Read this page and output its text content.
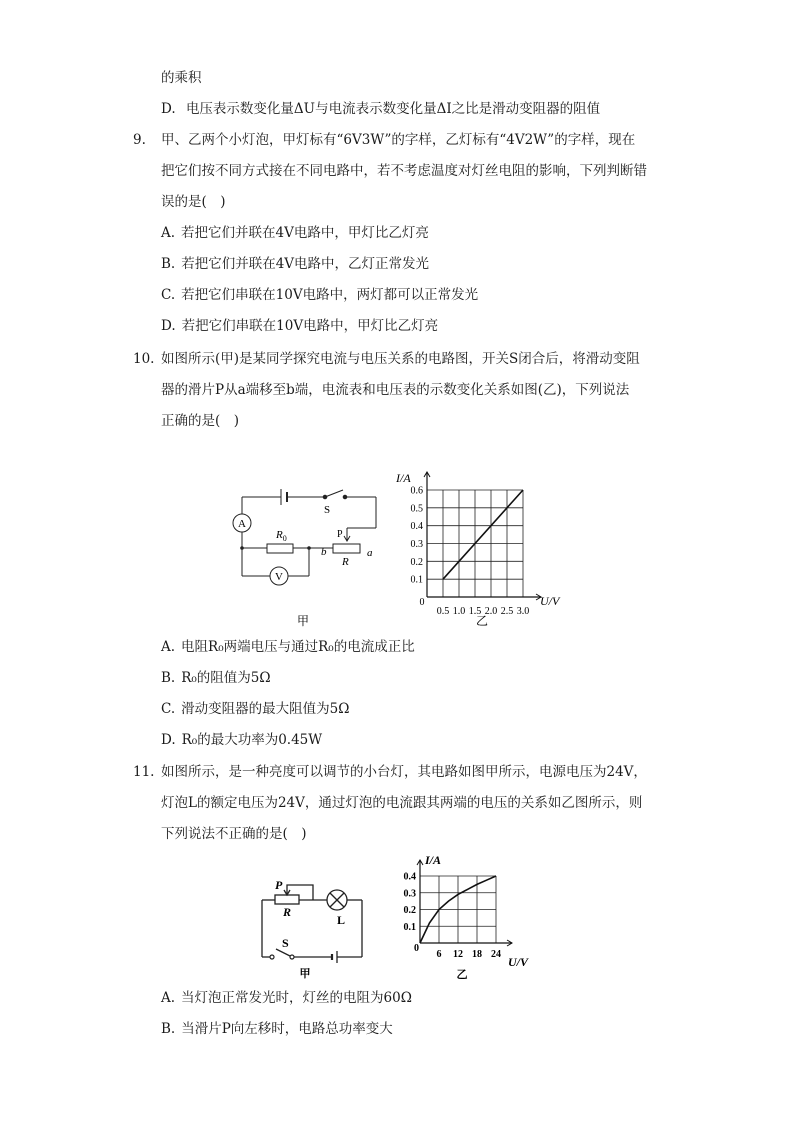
的乘积
D. 电压表示数变化量ΔU与电流表示数变化量ΔI之比是滑动变阻器的阻值
9. 甲、乙两个小灯泡，甲灯标有“6V3W”的字样，乙灯标有“4V2W”的字样，现在
把它们按不同方式接在不同电路中，若不考虑温度对灯丝电阻的影响，下列判断错
误的是(　)
A. 若把它们并联在4V电路中，甲灯比乙灯亮
B. 若把它们并联在4V电路中，乙灯正常发光
C. 若把它们串联在10V电路中，两灯都可以正常发光
D. 若把它们串联在10V电路中，甲灯比乙灯亮
10. 如图所示(甲)是某同学探究电流与电压关系的电路图，开关S闭合后，将滑动变阻
器的滑片P从a端移至b端，电流表和电压表的示数变化关系如图(乙)，下列说法
正确的是(　)
A
V
$R_0$
R
P
S
a
b
甲
0.5 1.0 1.5 2.0 2.5 3.0
0.1
0.2
0.3
0.4
0.5
0.6
I/A
U/V
0
乙
A. 电阻R₀两端电压与通过R₀的电流成正比
B. R₀的阻值为5Ω
C. 滑动变阻器的最大阻值为5Ω
D. R₀的最大功率为0.45W
11. 如图所示，是一种亮度可以调节的小台灯，其电路如图甲所示，电源电压为24V，
灯泡L的额定电压为24V，通过灯泡的电流跟其两端的电压的关系如乙图所示，则
下列说法不正确的是(　)
P
R
L
S
甲
6 12 18 24
0.1
0.2
0.3
0.4
I/A
U/V
0
乙
A. 当灯泡正常发光时，灯丝的电阻为60Ω
B. 当滑片P向左移时，电路总功率变大
